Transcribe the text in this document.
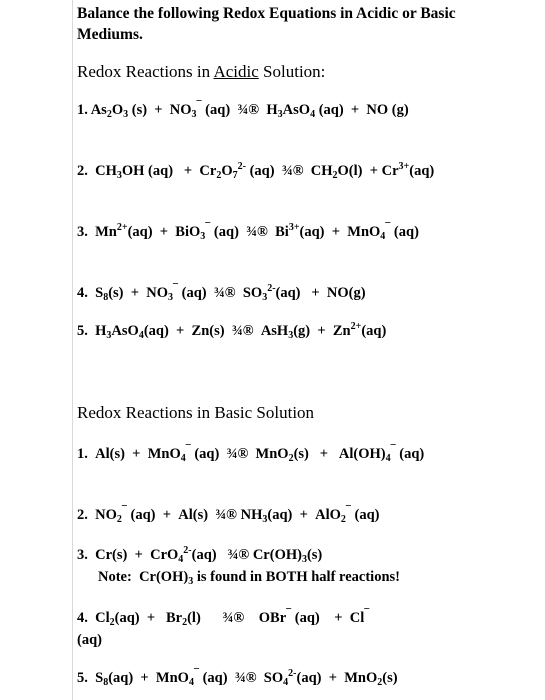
Balance the following Redox Equations in Acidic or Basic Mediums.
Redox Reactions in Acidic Solution:
1. $As_2O_3$ $(s) + NO_3^¯$ (aq)  ¾®  $H_3AsO_4$ (aq)  +  NO (g)
2.  $CH_3OH$ $(aq) + Cr_2O_7^{2-}$ (aq)  ¾®  $CH_2O(l) + Cr^{3+}(aq)$
3.  $Mn^{2+}(aq) + BiO_3^¯$ (aq)  ¾®  $Bi^{3+}(aq) + MnO_4^¯$ (aq)
4.  $S_8(s) + NO_3^¯$ (aq)  ¾®  $SO_3^{2-}(aq) + NO(g)$
5.  $H_3AsO_4(aq) + Zn(s)$  ¾®  $AsH_3(g) + Zn^{2+}(aq)$
Redox Reactions in Basic Solution
1.  Al(s)  +  MnO$_4$¯ (aq)  ¾®  $MnO_2(s) + Al(OH)_4^¯$ (aq)
2.  $NO_2^¯$ (aq)  +  Al(s)  ¾® $NH_3(aq) + AlO_2^¯$ (aq)
3.  Cr(s)  +  CrO$_4^{2-}$(aq)   ¾® $Cr(OH)_3(s)$
Note:  $Cr(OH)_3$ is found in BOTH half reactions!
4.  $Cl_2(aq) + Br_2(l)$      ¾®    OBr¯ (aq)    +  Cl¯
(aq)
5.  $S_8(aq) + MnO_4^¯$ (aq)  ¾®  $SO_4^{2-}(aq) + MnO_2(s)$
